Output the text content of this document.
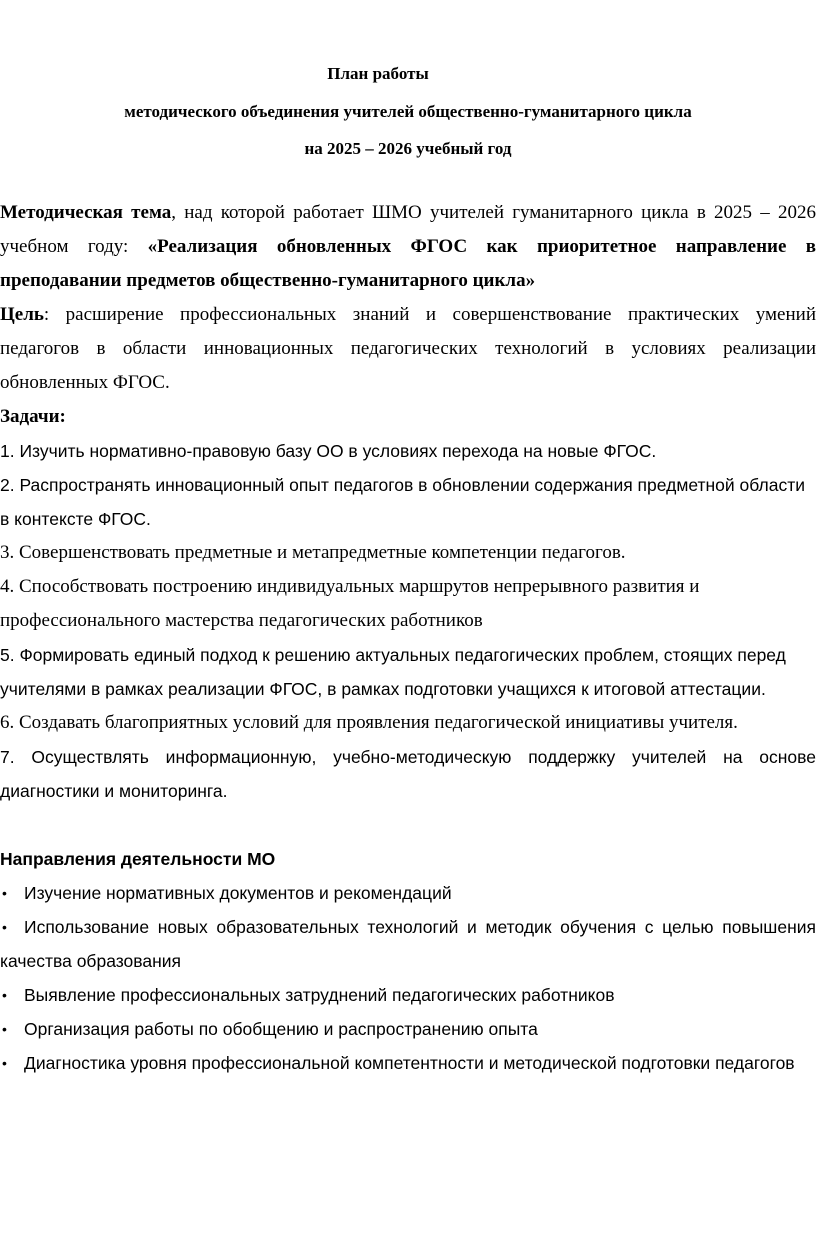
План работы
методического объединения учителей общественно-гуманитарного цикла
на 2025 – 2026 учебный год

Методическая тема, над которой работает ШМО учителей гуманитарного цикла в 2025 – 2026

учебном году: «Реализация обновленных ФГОС как приоритетное направление в

преподавании предметов общественно-гуманитарного цикла»

Цель: расширение профессиональных знаний и совершенствование практических умений

педагогов в области инновационных педагогических технологий в условиях реализации

обновленных ФГОС.

Задачи:

1. Изучить нормативно-правовую базу ОО в условиях перехода на новые ФГОС.

2. Распространять инновационный опыт педагогов в обновлении содержания предметной области

в контексте ФГОС.

3. Совершенствовать предметные и метапредметные компетенции педагогов.

4. Способствовать построению индивидуальных маршрутов непрерывного развития и

профессионального мастерства педагогических работников

5. Формировать единый подход к решению актуальных педагогических проблем, стоящих перед

учителями в рамках реализации ФГОС, в рамках подготовки учащихся к итоговой аттестации.

6. Создавать благоприятных условий для проявления педагогической инициативы учителя.

7. Осуществлять информационную, учебно-методическую поддержку учителей на основе

диагностики и мониторинга.

Направления деятельности МО

• Изучение нормативных документов и рекомендаций
• Использование новых образовательных технологий и методик обучения с целью повышения
качества образования
• Выявление профессиональных затруднений педагогических работников
• Организация работы по обобщению и распространению опыта
• Диагностика уровня профессиональной компетентности и методической подготовки педагогов
